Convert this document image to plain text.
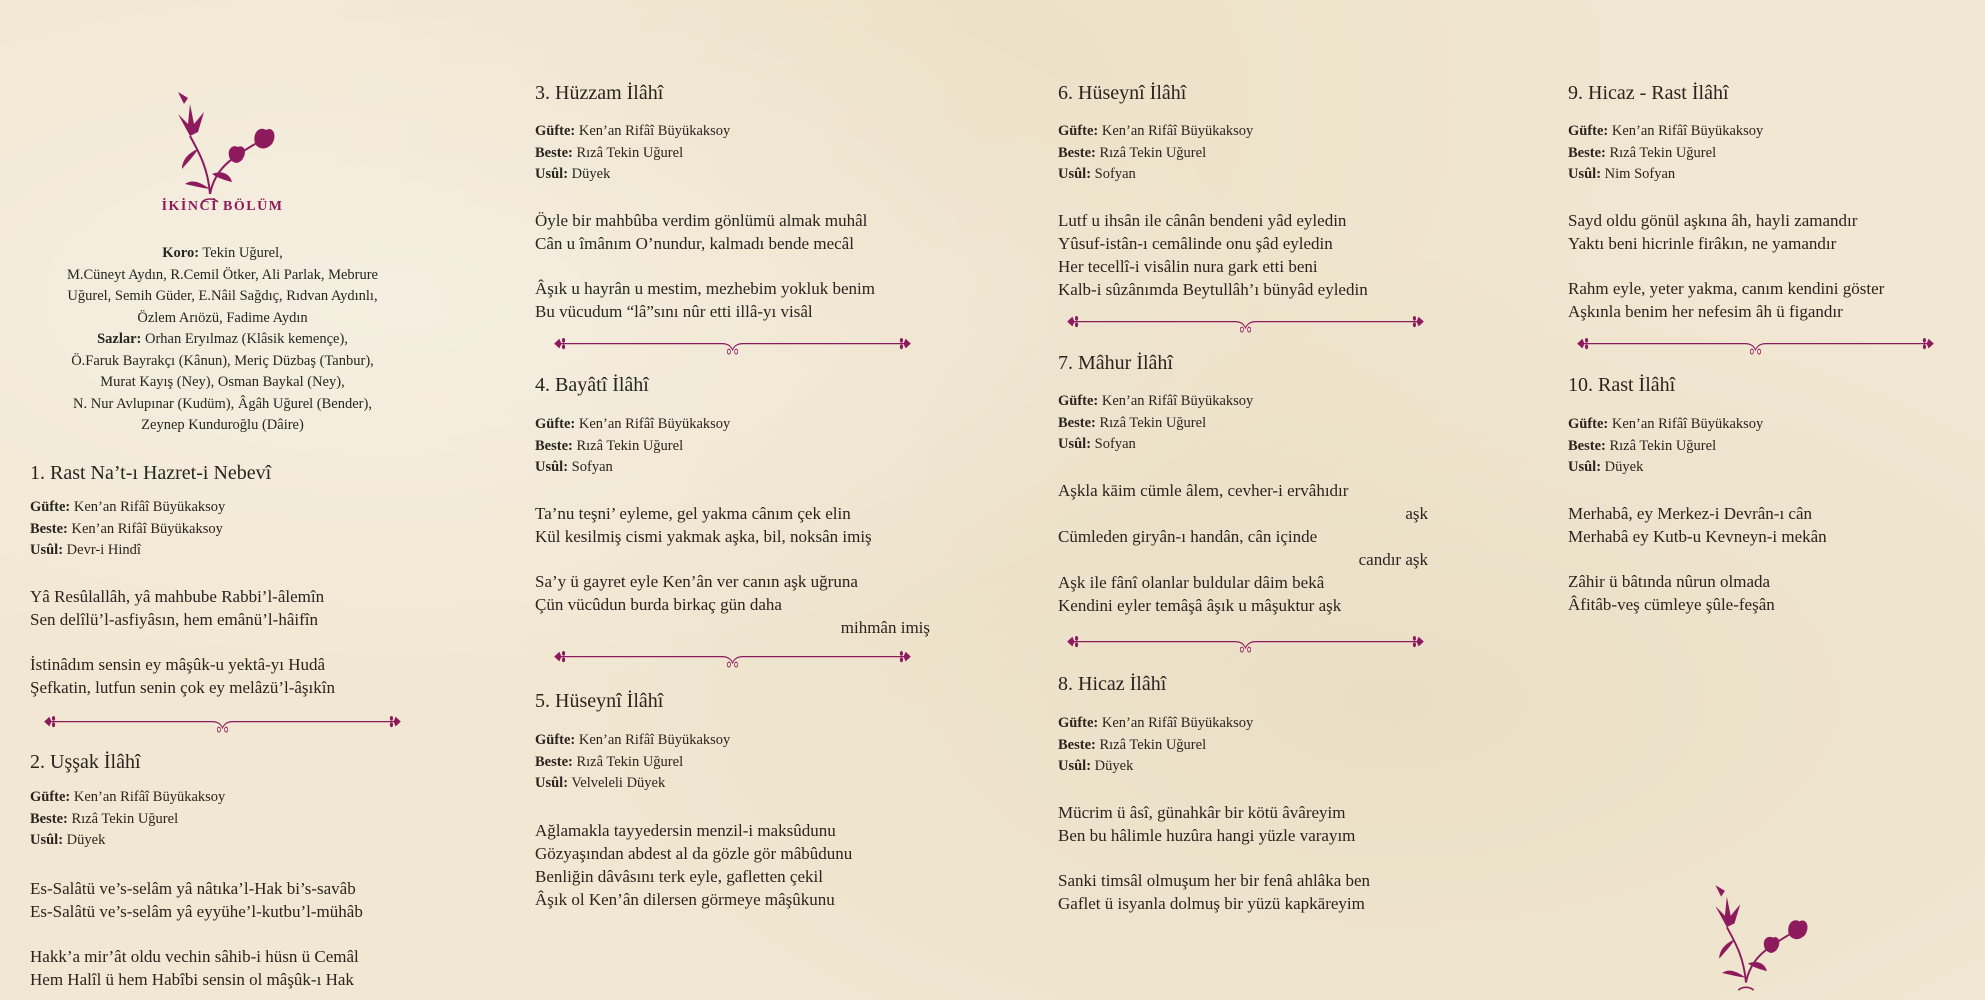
İKİNCİ BÖLÜM
Koro: Tekin Uğurel,
M.Cüneyt Aydın, R.Cemil Ötker, Ali Parlak, Mebrure
Uğurel, Semih Güder, E.Nâil Sağdıç, Rıdvan Aydınlı,
Özlem Arıözü, Fadime Aydın
Sazlar: Orhan Eryılmaz (Klâsik kemençe),
Ö.Faruk Bayrakçı (Kânun), Meriç Düzbaş (Tanbur),
Murat Kayış (Ney), Osman Baykal (Ney),
N. Nur Avlupınar (Kudüm), Âgâh Uğurel (Bender),
Zeynep Kunduroğlu (Dâire)
1. Rast Na’t-ı Hazret-i Nebevî
Güfte: Ken’an Rifâî Büyükaksoy
Beste: Ken’an Rifâî Büyükaksoy
Usûl: Devr-i Hindî
Yâ Resûlallâh, yâ mahbube Rabbi’l-âlemîn
Sen delîlü’l-asfiyâsın, hem emânü’l-hâifîn
İstinâdım sensin ey mâşûk-u yektâ-yı Hudâ
Şefkatin, lutfun senin çok ey melâzü’l-âşıkîn
2. Uşşak İlâhî
Güfte: Ken’an Rifâî Büyükaksoy
Beste: Rızâ Tekin Uğurel
Usûl: Düyek
Es-Salâtü ve’s-selâm yâ nâtıka’l-Hak bi’s-savâb
Es-Salâtü ve’s-selâm yâ eyyühe’l-kutbu’l-mühâb
Hakk’a mir’ât oldu vechin sâhib-i hüsn ü Cemâl
Hem Halîl ü hem Habîbi sensin ol mâşûk-ı Hak
3. Hüzzam İlâhî
Güfte: Ken’an Rifâî Büyükaksoy
Beste: Rızâ Tekin Uğurel
Usûl: Düyek
Öyle bir mahbûba verdim gönlümü almak muhâl
Cân u îmânım O’nundur, kalmadı bende mecâl
Âşık u hayrân u mestim, mezhebim yokluk benim
Bu vücudum “lâ”sını nûr etti illâ-yı visâl
4. Bayâtî İlâhî
Güfte: Ken’an Rifâî Büyükaksoy
Beste: Rızâ Tekin Uğurel
Usûl: Sofyan
Ta’nu teşni’ eyleme, gel yakma cânım çek elin
Kül kesilmiş cismi yakmak aşka, bil, noksân imiş
Sa’y ü gayret eyle Ken’ân ver canın aşk uğruna
Çün vücûdun burda birkaç gün daha
mihmân imiş
5. Hüseynî İlâhî
Güfte: Ken’an Rifâî Büyükaksoy
Beste: Rızâ Tekin Uğurel
Usûl: Velveleli Düyek
Ağlamakla tayyedersin menzil-i maksûdunu
Gözyaşından abdest al da gözle gör mâbûdunu
Benliğin dâvâsını terk eyle, gafletten çekil
Âşık ol Ken’ân dilersen görmeye mâşûkunu
6. Hüseynî İlâhî
Güfte: Ken’an Rifâî Büyükaksoy
Beste: Rızâ Tekin Uğurel
Usûl: Sofyan
Lutf u ihsân ile cânân bendeni yâd eyledin
Yûsuf-istân-ı cemâlinde onu şâd eyledin
Her tecellî-i visâlin nura gark etti beni
Kalb-i sûzânımda Beytullâh’ı bünyâd eyledin
7. Mâhur İlâhî
Güfte: Ken’an Rifâî Büyükaksoy
Beste: Rızâ Tekin Uğurel
Usûl: Sofyan
Aşkla kāim cümle âlem, cevher-i ervâhıdır
aşk
Cümleden giryân-ı handân, cân içinde
candır aşk
Aşk ile fânî olanlar buldular dâim bekâ
Kendini eyler temâşâ âşık u mâşuktur aşk
8. Hicaz İlâhî
Güfte: Ken’an Rifâî Büyükaksoy
Beste: Rızâ Tekin Uğurel
Usûl: Düyek
Mücrim ü âsî, günahkâr bir kötü âvâreyim
Ben bu hâlimle huzûra hangi yüzle varayım
Sanki timsâl olmuşum her bir fenâ ahlâka ben
Gaflet ü isyanla dolmuş bir yüzü kapkāreyim
9. Hicaz - Rast İlâhî
Güfte: Ken’an Rifâî Büyükaksoy
Beste: Rızâ Tekin Uğurel
Usûl: Nim Sofyan
Sayd oldu gönül aşkına âh, hayli zamandır
Yaktı beni hicrinle firâkın, ne yamandır
Rahm eyle, yeter yakma, canım kendini göster
Aşkınla benim her nefesim âh ü figandır
10. Rast İlâhî
Güfte: Ken’an Rifâî Büyükaksoy
Beste: Rızâ Tekin Uğurel
Usûl: Düyek
Merhabâ, ey Merkez-i Devrân-ı cân
Merhabâ ey Kutb-u Kevneyn-i mekân
Zâhir ü bâtında nûrun olmada
Âfitâb-veş cümleye şûle-feşân
